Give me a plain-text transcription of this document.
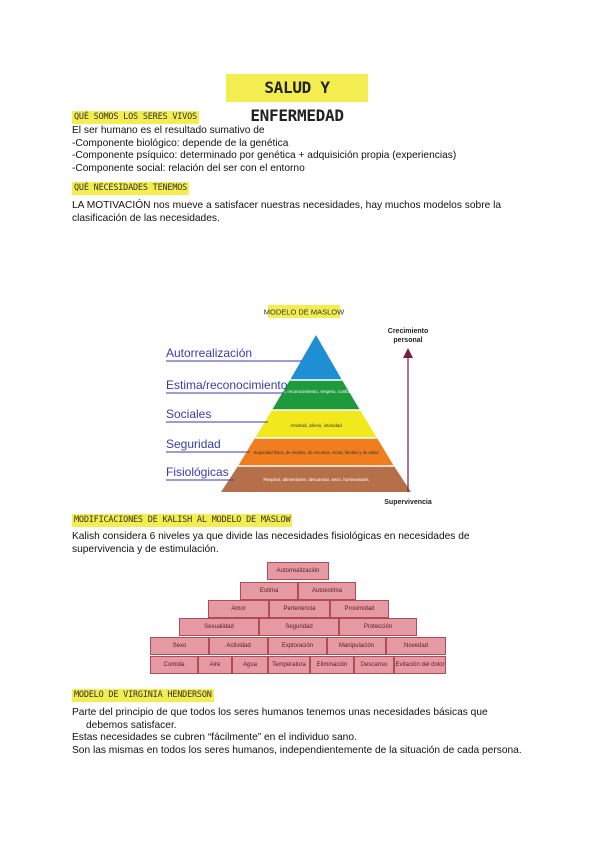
SALUD Y ENFERMEDAD
QUÉ SOMOS LOS SERES VIVOS
El ser humano es el resultado sumativo de
-Componente biológico: depende de la genética
-Componente psíquico: determinado por genética + adquisición propia (experiencias)
-Componente social: relación del ser con el entorno
QUÉ NECESIDADES TENEMOS
LA MOTIVACIÓN nos mueve a satisfacer nuestras necesidades, hay muchos modelos sobre la
clasificación de las necesidades.
MODELO DE MASLOW
Éxito, reconocimiento, respeto, confianza
Amistad, afecto, intimidad
Seguridad física, de empleo, de recursos, moral, familiar y de salud
Respirar, alimentarse, descansar, sexo, homeostasis
Autorrealización
Estima/reconocimiento
Sociales
Seguridad
Fisiológicas
Crecimiento
personal
Supervivencia
MODIFICACIONES DE KALISH AL MODELO DE MASLOW
Kalish considera 6 niveles ya que divide las necesidades fisiológicas en necesidades de
supervivencia y de estimulación.
Autorrealización
Estima	Autoestima
Amor	Pertenencia	Proximidad
Sexualidad	Seguridad	Protección
Sexo	Actividad	Exploración	Manipulación	Novedad
Comida	Aire	Agua	Temperatura	Eliminación	Descanso	Evitación del dolor
MODELO DE VIRGINIA HENDERSON
Parte del principio de que todos los seres humanos tenemos unas necesidades básicas que
debemos satisfacer.
Estas necesidades se cubren “fácilmente” en el individuo sano.
Son las mismas en todos los seres humanos, independientemente de la situación de cada persona.
